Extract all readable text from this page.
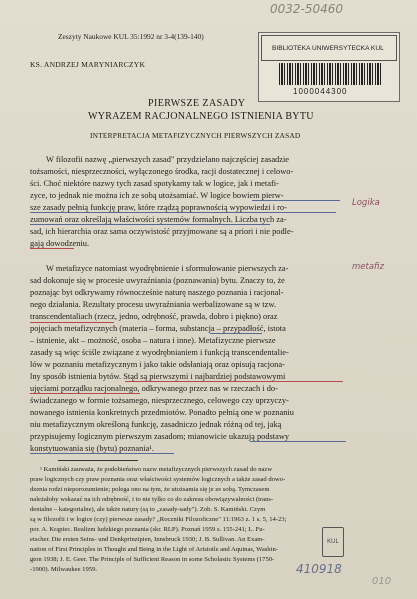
0032-50460
BIBLIOTEKA UNIWERSYTECKA KUL
1000044300
Zeszyty Naukowe KUL 35:1992 nr 3-4(139-140)
KS. ANDRZEJ MARYNIARCZYK
PIERWSZE ZASADY
WYRAZEM RACJONALNEGO ISTNIENIA BYTU
INTERPRETACJA METAFIZYCZNYCH PIERWSZYCH ZASAD
W filozofii nazwę „pierwszych zasad" przydzielano najczęściej zasadzie
tożsamości, niesprzeczności, wyłączonego środka, racji dostatecznej i celowo-
ści. Choć niektóre nazwy tych zasad spotykamy tak w logice, jak i metafi-
zyce, to jednak nie można ich ze sobą utożsamiać. W logice bowiem pierw-
sze zasady pełnią funkcję praw, które rządzą poprawnością wypowiedzi i ro-
zumowań oraz określają właściwości systemów formalnych. Liczba tych za-
sad, ich hierarchia oraz sama oczywistość przyjmowane są a priori i nie podle-
gają dowodzeniu.
Logika
metafiz
W metafizyce natomiast wyodrębnienie i sformułowanie pierwszych za-
sad dokonuje się w procesie uwyraźniania (poznawania) bytu. Znaczy to, że
poznając byt odkrywamy równocześnie naturę naszego poznania i racjonal-
nego działania. Rezultaty procesu uwyraźniania werbalizowane są w tzw.
transcendentaliach (rzecz, jedno, odrębność, prawda, dobro i piękno) oraz
pojęciach metafizycznych (materia – forma, substancja – przypadłość, istota
– istnienie, akt – możność, osoba – natura i inne). Metafizyczne pierwsze
zasady są więc ściśle związane z wyodrębnianiem i funkcją transcendentalie-
lów w poznaniu metafizycznym i jako takie odsłaniają oraz opisują racjona-
lny sposób istnienia bytów. Stąd są pierwszymi i najbardziej podstawowymi
ujęciami porządku racjonalnego, odkrywanego przez nas w rzeczach i do-
świadczanego w formie tożsamego, niesprzecznego, celowego czy uprzyczy-
nowanego istnienia konkretnych przedmiotów. Ponadto pełnią one w poznaniu
niu metafizycznym określoną funkcję, zasadniczo jednak różną od tej, jaką
przypisujemy logicznym pierwszym zasadom; mianowicie ukazują podstawy
konstytuowania się (bytu) poznania¹.
¹ Kamiński zauważa, że podobieństwo nazw metafizycznych pierwszych zasad do nazw
praw logicznych czy praw poznania oraz właściwości systemów logicznych a także zasad dowo-
dzenia rodzi nieporozumienie; polega ono na tym, że utożsamia się je ze sobą. Tymczasem
należałoby wskazać na ich odrębność, i to nie tylko co do zakresu obowiązywalności (trans-
dentalne – kategorialne), ale także natury (są to „zasady-sady"). Zob. S. Kamiński. Czym
są w filozofii i w logice (czy) pierwsze zasady? „Roczniki Filozoficzne" 11:1963 z. 1 s. 5, 14-23;
por. A. Krąpiec. Realizm ludzkiego poznania (skr. RLP). Poznań 1959 s. 155-241; L. Fu-
etscher. Die ersten Seins- und Denkprinzipien, Innsbruck 1930; J. B. Sullivan. An Exam-
nation of First Principles in Thought and Being in the Light of Aristotle and Aquinas, Washin-
gton 1938; J. E. Geer. The Principle of Sufficient Reason in some Scholastic Systems (1750-
-1900). Milwaukee 1959.
KUL
410918
010
